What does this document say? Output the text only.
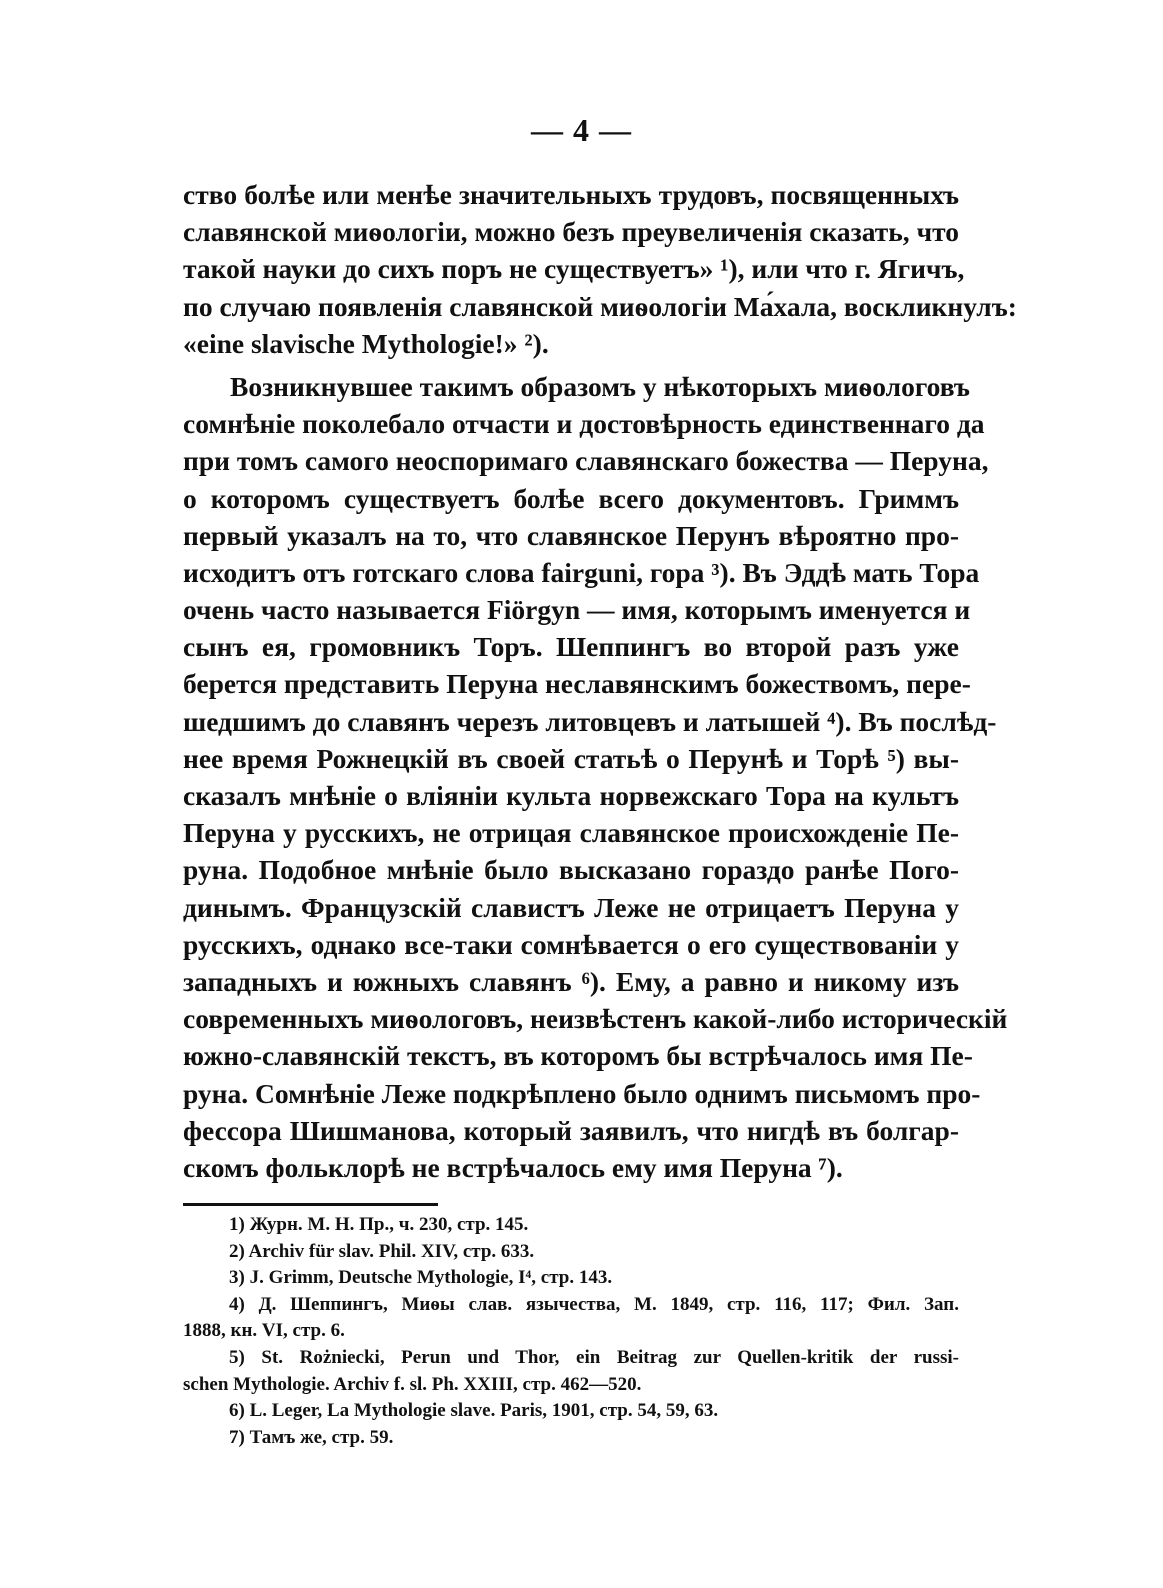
— 4 —
ство болѣе или менѣе значительныхъ трудовъ, посвященныхъ
славянской миѳологіи, можно безъ преувеличенія сказать, что
такой науки до сихъ поръ не существуетъ» ¹), или что г. Ягичъ,
по случаю появленія славянской миѳологіи Ма́хала, воскликнулъ:
«eine slavische Mythologie!» ²).
Возникнувшее такимъ образомъ у нѣкоторыхъ миѳологовъ
сомнѣніе поколебало отчасти и достовѣрность единственнаго да
при томъ самого неоспоримаго славянскаго божества — Перуна,
о которомъ существуетъ болѣе всего документовъ. Гриммъ
первый указалъ на то, что славянское Перунъ вѣроятно про-
исходитъ отъ готскаго слова fairguni, гора ³). Въ Эддѣ мать Тора
очень часто называется Fiörgyn — имя, которымъ именуется и
сынъ ея, громовникъ Торъ. Шеппингъ во второй разъ уже
берется представить Перуна неславянскимъ божествомъ, пере-
шедшимъ до славянъ черезъ литовцевъ и латышей ⁴). Въ послѣд-
нее время Рожнецкій въ своей статьѣ о Перунѣ и Торѣ ⁵) вы-
сказалъ мнѣніе о вліяніи культа норвежскаго Тора на культъ
Перуна у русскихъ, не отрицая славянское происхожденіе Пе-
руна. Подобное мнѣніе было высказано гораздо ранѣе Пого-
динымъ. Французскій славистъ Леже не отрицаетъ Перуна у
русскихъ, однако все-таки сомнѣвается о его существованіи у
западныхъ и южныхъ славянъ ⁶). Ему, а равно и никому изъ
современныхъ миѳологовъ, неизвѣстенъ какой-либо историческій
южно-славянскій текстъ, въ которомъ бы встрѣчалось имя Пе-
руна. Сомнѣніе Леже подкрѣплено было однимъ письмомъ про-
фессора Шишманова, который заявилъ, что нигдѣ въ болгар-
скомъ фольклорѣ не встрѣчалось ему имя Перуна ⁷).
1) Журн. М. Н. Пр., ч. 230, стр. 145.
2) Archiv für slav. Phil. XIV, стр. 633.
3) J. Grimm, Deutsche Mythologie, I⁴, стр. 143.
4) Д. Шеппингъ, Миѳы слав. язычества, М. 1849, стр. 116, 117; Фил. Зап.
1888, кн. VI, стр. 6.
5) St. Rożniecki, Perun und Thor, ein Beitrag zur Quellen-kritik der russi-
schen Mythologie. Archiv f. sl. Ph. XXIII, стр. 462—520.
6) L. Leger, La Mythologie slave. Paris, 1901, стр. 54, 59, 63.
7) Тамъ же, стр. 59.
